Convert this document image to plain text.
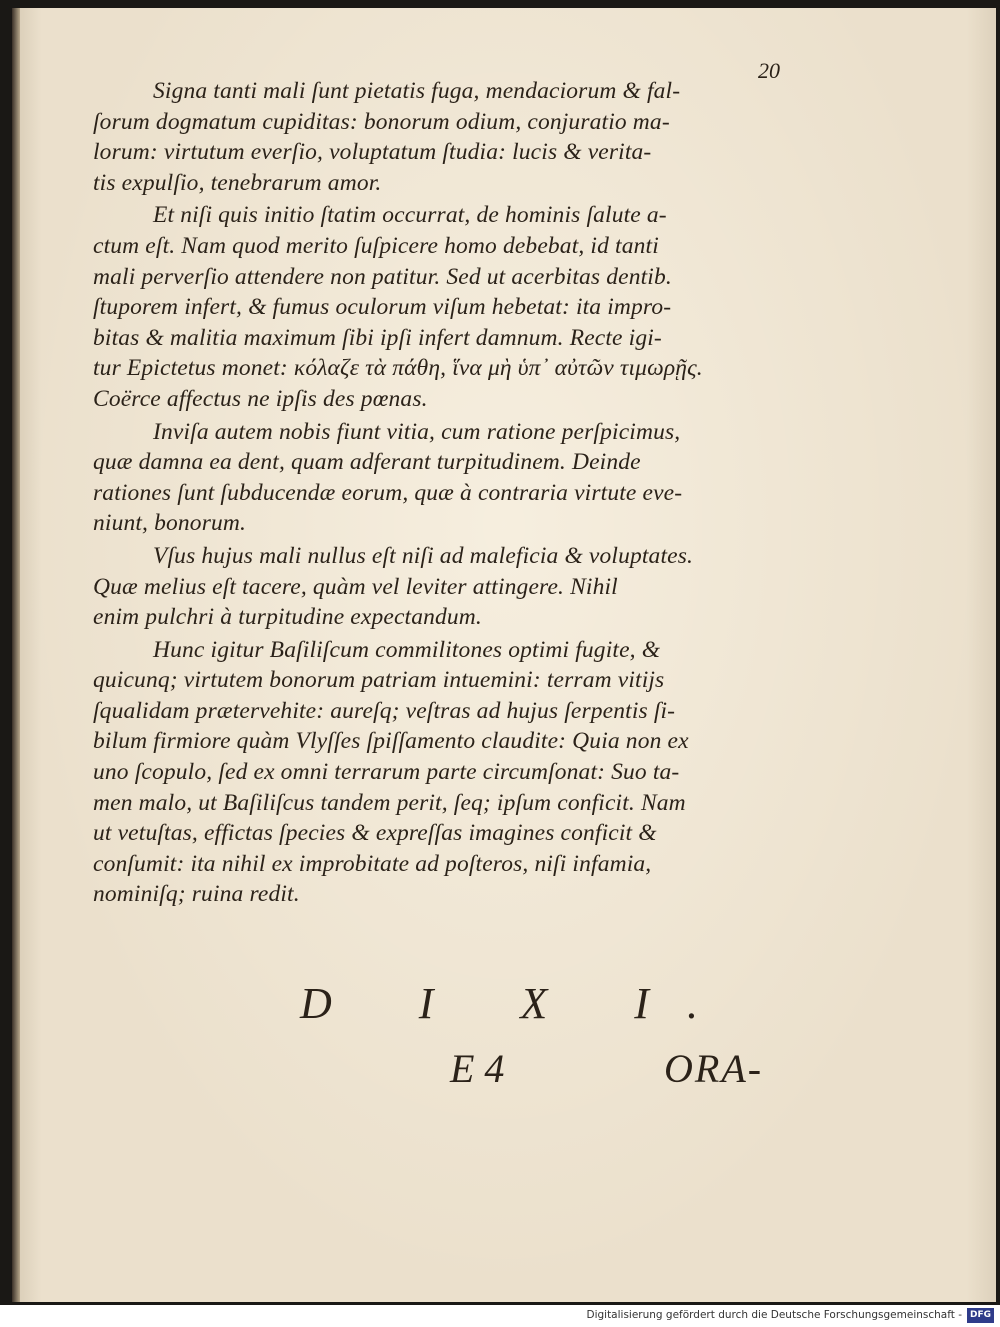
20

Signa tanti mali ſunt pietatis fuga, mendaciorum & fal-
ſorum dogmatum cupiditas: bonorum odium, conjuratio ma-
lorum: virtutum everſio, voluptatum ſtudia: lucis & verita-
tis expulſio, tenebrarum amor.

Et niſi quis initio ſtatim occurrat, de hominis ſalute a-
ctum eſt. Nam quod merito ſuſpicere homo debebat, id tanti
mali perverſio attendere non patitur. Sed ut acerbitas dentib.
ſtuporem infert, & fumus oculorum viſum hebetat: ita impro-
bitas & malitia maximum ſibi ipſi infert damnum. Recte igi-
tur Epictetus monet: κόλαζε τὰ πάθη, ἵνα μὴ ὑπ᾽ αὐτῶν τιμωρῇς.
Coërce affectus ne ipſis des pœnas.

Inviſa autem nobis fiunt vitia, cum ratione perſpicimus,
quæ damna ea dent, quam adferant turpitudinem. Deinde
rationes ſunt ſubducendæ eorum, quæ à contraria virtute eve-
niunt, bonorum.

Vſus hujus mali nullus eſt niſi ad maleficia & voluptates.
Quæ melius eſt tacere, quàm vel leviter attingere. Nihil
enim pulchri à turpitudine expectandum.

Hunc igitur Baſiliſcum commilitones optimi fugite, &
quicunq; virtutem bonorum patriam intuemini: terram vitijs
ſqualidam prætervehite: aureſq; veſtras ad hujus ſerpentis ſi-
bilum firmiore quàm Vlyſſes ſpiſſamento claudite: Quia non ex
uno ſcopulo, ſed ex omni terrarum parte circumſonat: Suo ta-
men malo, ut Baſiliſcus tandem perit, ſeq; ipſum conficit. Nam
ut vetuſtas, effictas ſpecies & expreſſas imagines conficit &
conſumit: ita nihil ex improbitate ad poſteros, niſi infamia,
nominiſq; ruina redit.

D I X I.
E 4	ORA-
Digitalisierung gefördert durch die Deutsche Forschungsgemeinschaft - DFG
